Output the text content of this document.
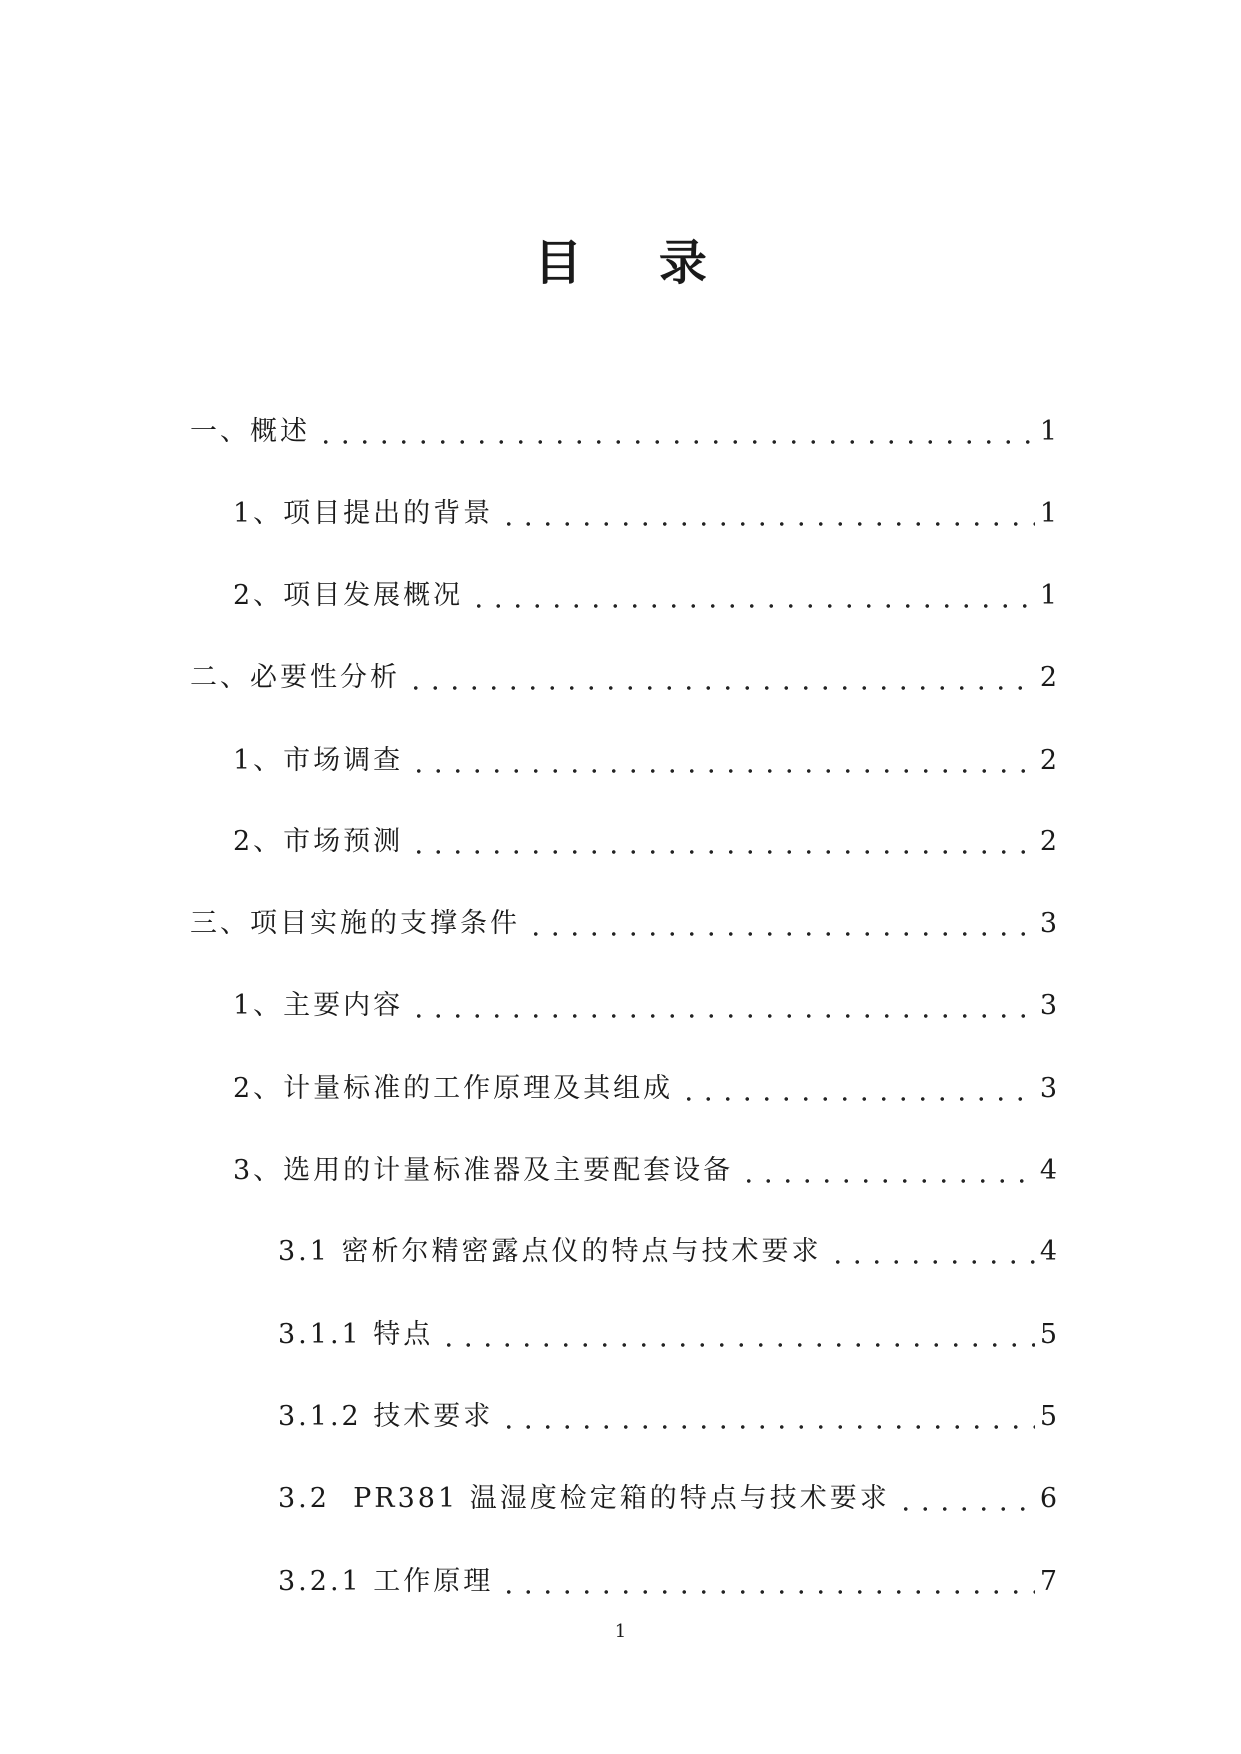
目 录
一、概述	1
1、项目提出的背景	1
2、项目发展概况	1
二、必要性分析	2
1、市场调查	2
2、市场预测	2
三、项目实施的支撑条件	3
1、主要内容	3
2、计量标准的工作原理及其组成	3
3、选用的计量标准器及主要配套设备	4
3.1 密析尔精密露点仪的特点与技术要求	4
3.1.1 特点	5
3.1.2 技术要求	5
3.2  PR381 温湿度检定箱的特点与技术要求	6
3.2.1 工作原理	7
1
